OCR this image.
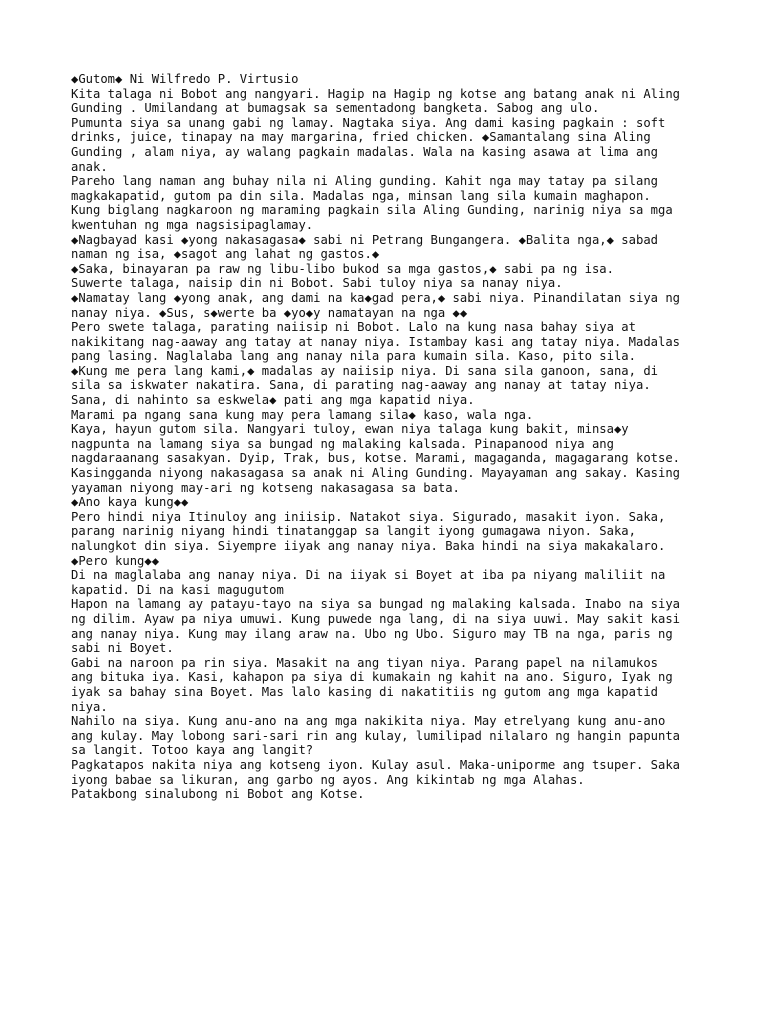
◆Gutom◆ Ni Wilfredo P. Virtusio
Kita talaga ni Bobot ang nangyari. Hagip na Hagip ng kotse ang batang anak ni Aling
Gunding . Umilandang at bumagsak sa sementadong bangketa. Sabog ang ulo.
Pumunta siya sa unang gabi ng lamay. Nagtaka siya. Ang dami kasing pagkain : soft
drinks, juice, tinapay na may margarina, fried chicken. ◆Samantalang sina Aling
Gunding , alam niya, ay walang pagkain madalas. Wala na kasing asawa at lima ang
anak.
Pareho lang naman ang buhay nila ni Aling gunding. Kahit nga may tatay pa silang
magkakapatid, gutom pa din sila. Madalas nga, minsan lang sila kumain maghapon.
Kung biglang nagkaroon ng maraming pagkain sila Aling Gunding, narinig niya sa mga
kwentuhan ng mga nagsisipaglamay.
◆Nagbayad kasi ◆yong nakasagasa◆ sabi ni Petrang Bungangera. ◆Balita nga,◆ sabad
naman ng isa, ◆sagot ang lahat ng gastos.◆
◆Saka, binayaran pa raw ng libu-libo bukod sa mga gastos,◆ sabi pa ng isa.
Suwerte talaga, naisip din ni Bobot. Sabi tuloy niya sa nanay niya.
◆Namatay lang ◆yong anak, ang dami na ka◆gad pera,◆ sabi niya. Pinandilatan siya ng
nanay niya. ◆Sus, s◆werte ba ◆yo◆y namatayan na nga ◆◆
Pero swete talaga, parating naiisip ni Bobot. Lalo na kung nasa bahay siya at
nakikitang nag-aaway ang tatay at nanay niya. Istambay kasi ang tatay niya. Madalas
pang lasing. Naglalaba lang ang nanay nila para kumain sila. Kaso, pito sila.
◆Kung me pera lang kami,◆ madalas ay naiisip niya. Di sana sila ganoon, sana, di
sila sa iskwater nakatira. Sana, di parating nag-aaway ang nanay at tatay niya.
Sana, di nahinto sa eskwela◆ pati ang mga kapatid niya.
Marami pa ngang sana kung may pera lamang sila◆ kaso, wala nga.
Kaya, hayun gutom sila. Nangyari tuloy, ewan niya talaga kung bakit, minsa◆y
nagpunta na lamang siya sa bungad ng malaking kalsada. Pinapanood niya ang
nagdaraanang sasakyan. Dyip, Trak, bus, kotse. Marami, magaganda, magagarang kotse.
Kasingganda niyong nakasagasa sa anak ni Aling Gunding. Mayayaman ang sakay. Kasing
yayaman niyong may-ari ng kotseng nakasagasa sa bata.
◆Ano kaya kung◆◆
Pero hindi niya Itinuloy ang iniisip. Natakot siya. Sigurado, masakit iyon. Saka,
parang narinig niyang hindi tinatanggap sa langit iyong gumagawa niyon. Saka,
nalungkot din siya. Siyempre iiyak ang nanay niya. Baka hindi na siya makakalaro.
◆Pero kung◆◆
Di na maglalaba ang nanay niya. Di na iiyak si Boyet at iba pa niyang maliliit na
kapatid. Di na kasi magugutom
Hapon na lamang ay patayu-tayo na siya sa bungad ng malaking kalsada. Inabo na siya
ng dilim. Ayaw pa niya umuwi. Kung puwede nga lang, di na siya uuwi. May sakit kasi
ang nanay niya. Kung may ilang araw na. Ubo ng Ubo. Siguro may TB na nga, paris ng
sabi ni Boyet.
Gabi na naroon pa rin siya. Masakit na ang tiyan niya. Parang papel na nilamukos
ang bituka iya. Kasi, kahapon pa siya di kumakain ng kahit na ano. Siguro, Iyak ng
iyak sa bahay sina Boyet. Mas lalo kasing di nakatitiis ng gutom ang mga kapatid
niya.
Nahilo na siya. Kung anu-ano na ang mga nakikita niya. May etrelyang kung anu-ano
ang kulay. May lobong sari-sari rin ang kulay, lumilipad nilalaro ng hangin papunta
sa langit. Totoo kaya ang langit?
Pagkatapos nakita niya ang kotseng iyon. Kulay asul. Maka-uniporme ang tsuper. Saka
iyong babae sa likuran, ang garbo ng ayos. Ang kikintab ng mga Alahas.
Patakbong sinalubong ni Bobot ang Kotse.
